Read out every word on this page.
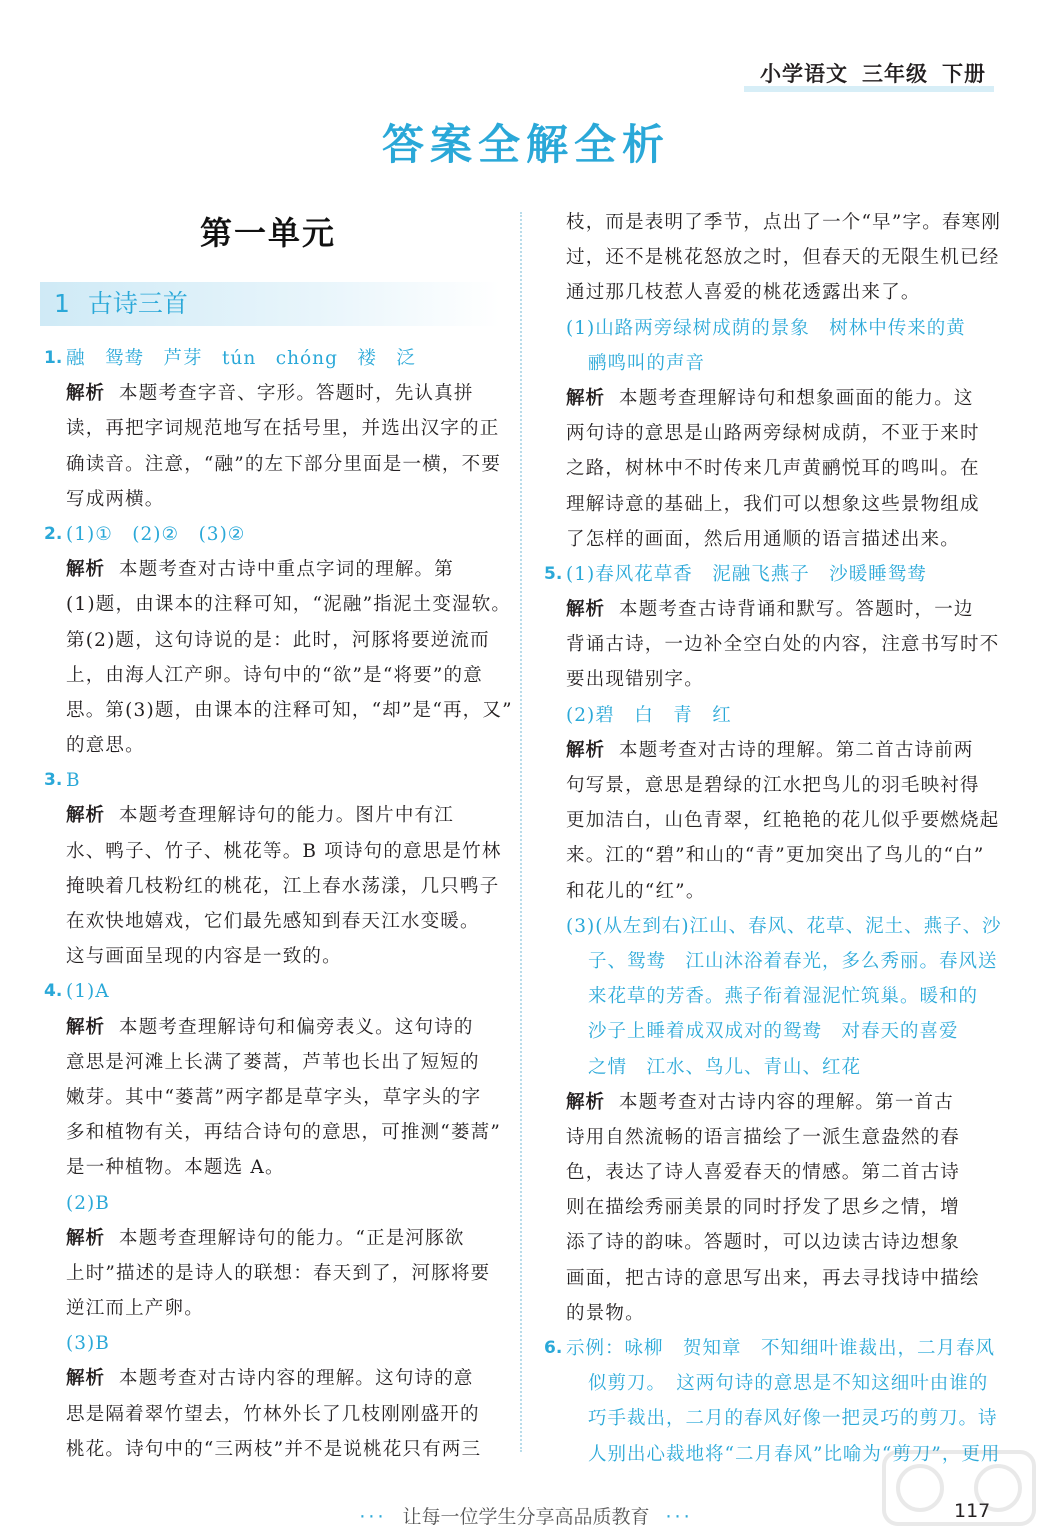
小学语文 三年级 下册
答案全解全析
第一单元
1 古诗三首
1. 融　鸳鸯　芦芽　tún　chóng　褛　泛
解析 本题考查字音、字形。答题时，先认真拼
读，再把字词规范地写在括号里，并选出汉字的正
确读音。注意，“融”的左下部分里面是一横，不要
写成两横。
2. (1)①　(2)②　(3)②
解析 本题考查对古诗中重点字词的理解。第
(1)题，由课本的注释可知，“泥融”指泥土变湿软。
第(2)题，这句诗说的是：此时，河豚将要逆流而
上，由海人江产卵。诗句中的“欲”是“将要”的意
思。第(3)题，由课本的注释可知，“却”是“再，又”
的意思。
3. B
解析 本题考查理解诗句的能力。图片中有江
水、鸭子、竹子、桃花等。B 项诗句的意思是竹林
掩映着几枝粉红的桃花，江上春水荡漾，几只鸭子
在欢快地嬉戏，它们最先感知到春天江水变暖。
这与画面呈现的内容是一致的。
4. (1)A
解析 本题考查理解诗句和偏旁表义。这句诗的
意思是河滩上长满了蒌蒿，芦苇也长出了短短的
嫩芽。其中“蒌蒿”两字都是草字头，草字头的字
多和植物有关，再结合诗句的意思，可推测“蒌蒿”
是一种植物。本题选 A。
(2)B
解析 本题考查理解诗句的能力。“正是河豚欲
上时”描述的是诗人的联想：春天到了，河豚将要
逆江而上产卵。
(3)B
解析 本题考查对古诗内容的理解。这句诗的意
思是隔着翠竹望去，竹林外长了几枝刚刚盛开的
桃花。诗句中的“三两枝”并不是说桃花只有两三
枝，而是表明了季节，点出了一个“早”字。春寒刚
过，还不是桃花怒放之时，但春天的无限生机已经
通过那几枝惹人喜爱的桃花透露出来了。
(1)山路两旁绿树成荫的景象　树林中传来的黄
鹂鸣叫的声音
解析 本题考查理解诗句和想象画面的能力。这
两句诗的意思是山路两旁绿树成荫，不亚于来时
之路，树林中不时传来几声黄鹂悦耳的鸣叫。在
理解诗意的基础上，我们可以想象这些景物组成
了怎样的画面，然后用通顺的语言描述出来。
5. (1)春风花草香　泥融飞燕子　沙暖睡鸳鸯
解析 本题考查古诗背诵和默写。答题时，一边
背诵古诗，一边补全空白处的内容，注意书写时不
要出现错别字。
(2)碧　白　青　红
解析 本题考查对古诗的理解。第二首古诗前两
句写景，意思是碧绿的江水把鸟儿的羽毛映衬得
更加洁白，山色青翠，红艳艳的花儿似乎要燃烧起
来。江的“碧”和山的“青”更加突出了鸟儿的“白”
和花儿的“红”。
(3)(从左到右)江山、春风、花草、泥土、燕子、沙
子、鸳鸯　江山沐浴着春光，多么秀丽。春风送
来花草的芳香。燕子衔着湿泥忙筑巢。暖和的
沙子上睡着成双成对的鸳鸯　对春天的喜爱
之情　江水、鸟儿、青山、红花
解析 本题考查对古诗内容的理解。第一首古
诗用自然流畅的语言描绘了一派生意盎然的春
色，表达了诗人喜爱春天的情感。第二首古诗
则在描绘秀丽美景的同时抒发了思乡之情，增
添了诗的韵味。答题时，可以边读古诗边想象
画面，把古诗的意思写出来，再去寻找诗中描绘
的景物。
6. 示例：咏柳　贺知章　不知细叶谁裁出，二月春风
似剪刀。　这两句诗的意思是不知这细叶由谁的
巧手裁出，二月的春风好像一把灵巧的剪刀。诗
人别出心裁地将“二月春风”比喻为“剪刀”，更用
··· 让每一位学生分享高品质教育 ···	117
